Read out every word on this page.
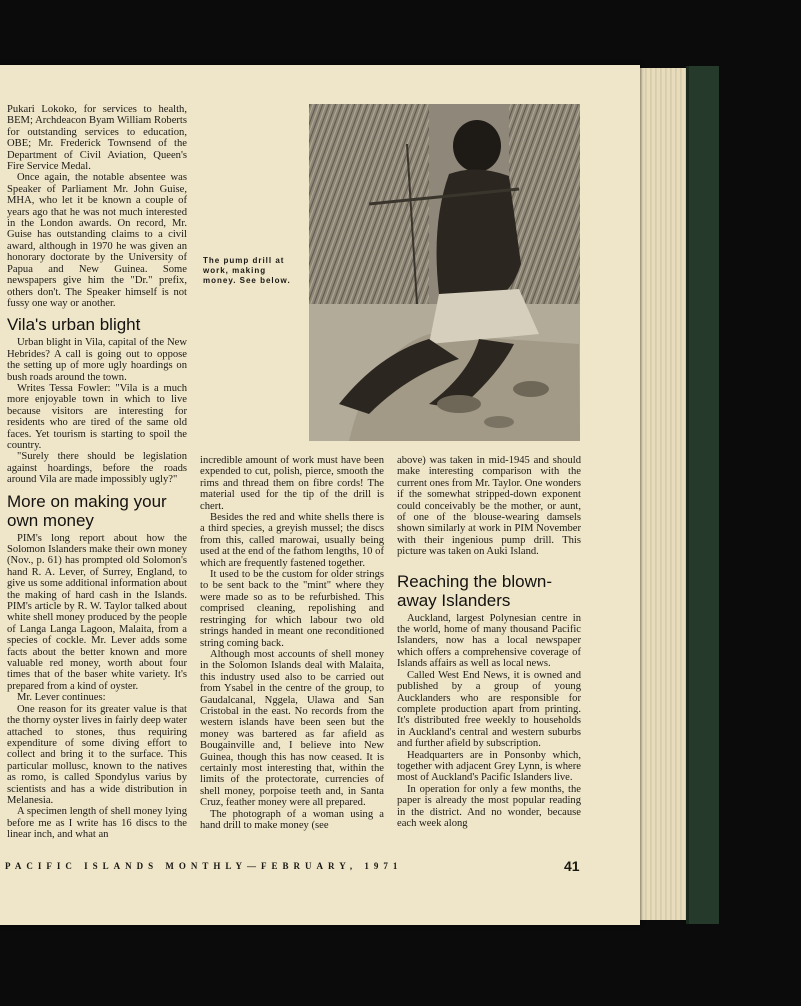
Pukari Lokoko, for services to health, BEM; Archdeacon Byam William Roberts for outstanding services to education, OBE; Mr. Frederick Townsend of the Department of Civil Aviation, Queen's Fire Service Medal.

Once again, the notable absentee was Speaker of Parliament Mr. John Guise, MHA, who let it be known a couple of years ago that he was not much interested in the London awards. On record, Mr. Guise has outstanding claims to a civil award, although in 1970 he was given an honorary doctorate by the University of Papua and New Guinea. Some newspapers give him the "Dr." prefix, others don't. The Speaker himself is not fussy one way or another.

Vila's urban blight

Urban blight in Vila, capital of the New Hebrides? A call is going out to oppose the setting up of more ugly hoardings on bush roads around the town.

Writes Tessa Fowler: "Vila is a much more enjoyable town in which to live because visitors are interesting for residents who are tired of the same old faces. Yet tourism is starting to spoil the country.

"Surely there should be legislation against hoardings, before the roads around Vila are made impossibly ugly?"

More on making your own money

PIM's long report about how the Solomon Islanders make their own money (Nov., p. 61) has prompted old Solomon's hand R. A. Lever, of Surrey, England, to give us some additional information about the making of hard cash in the Islands. PIM's article by R. W. Taylor talked about white shell money produced by the people of Langa Langa Lagoon, Malaita, from a species of cockle. Mr. Lever adds some facts about the better known and more valuable red money, worth about four times that of the baser white variety. It's prepared from a kind of oyster.

Mr. Lever continues:

One reason for its greater value is that the thorny oyster lives in fairly deep water attached to stones, thus requiring expenditure of some diving effort to collect and bring it to the surface. This particular mollusc, known to the natives as romo, is called Spondylus varius by scientists and has a wide distribution in Melanesia.

A specimen length of shell money lying before me as I write has 16 discs to the linear inch, and what an

The pump drill at work, making money. See below.

incredible amount of work must have been expended to cut, polish, pierce, smooth the rims and thread them on fibre cords! The material used for the tip of the drill is chert.

Besides the red and white shells there is a third species, a greyish mussel; the discs from this, called marowai, usually being used at the end of the fathom lengths, 10 of which are frequently fastened together.

It used to be the custom for older strings to be sent back to the "mint" where they were made so as to be refurbished. This comprised cleaning, repolishing and restringing for which labour two old strings handed in meant one reconditioned string coming back.

Although most accounts of shell money in the Solomon Islands deal with Malaita, this industry used also to be carried out from Ysabel in the centre of the group, to Gaudalcanal, Nggela, Ulawa and San Cristobal in the east. No records from the western islands have been seen but the money was bartered as far afield as Bougainville and, I believe into New Guinea, though this has now ceased. It is certainly most interesting that, within the limits of the protectorate, currencies of shell money, porpoise teeth and, in Santa Cruz, feather money were all prepared.

The photograph of a woman using a hand drill to make money (see

above) was taken in mid-1945 and should make interesting comparison with the current ones from Mr. Taylor. One wonders if the somewhat stripped-down exponent could conceivably be the mother, or aunt, of one of the blouse-wearing damsels shown similarly at work in PIM November with their ingenious pump drill. This picture was taken on Auki Island.

Reaching the blown-away Islanders

Auckland, largest Polynesian centre in the world, home of many thousand Pacific Islanders, now has a local newspaper which offers a comprehensive coverage of Islands affairs as well as local news.

Called West End News, it is owned and published by a group of young Aucklanders who are responsible for complete production apart from printing. It's distributed free weekly to households in Auckland's central and western suburbs and further afield by subscription.

Headquarters are in Ponsonby which, together with adjacent Grey Lynn, is where most of Auckland's Pacific Islanders live.

In operation for only a few months, the paper is already the most popular reading in the district. And no wonder, because each week along

PACIFIC ISLANDS MONTHLY—FEBRUARY, 1971	41
